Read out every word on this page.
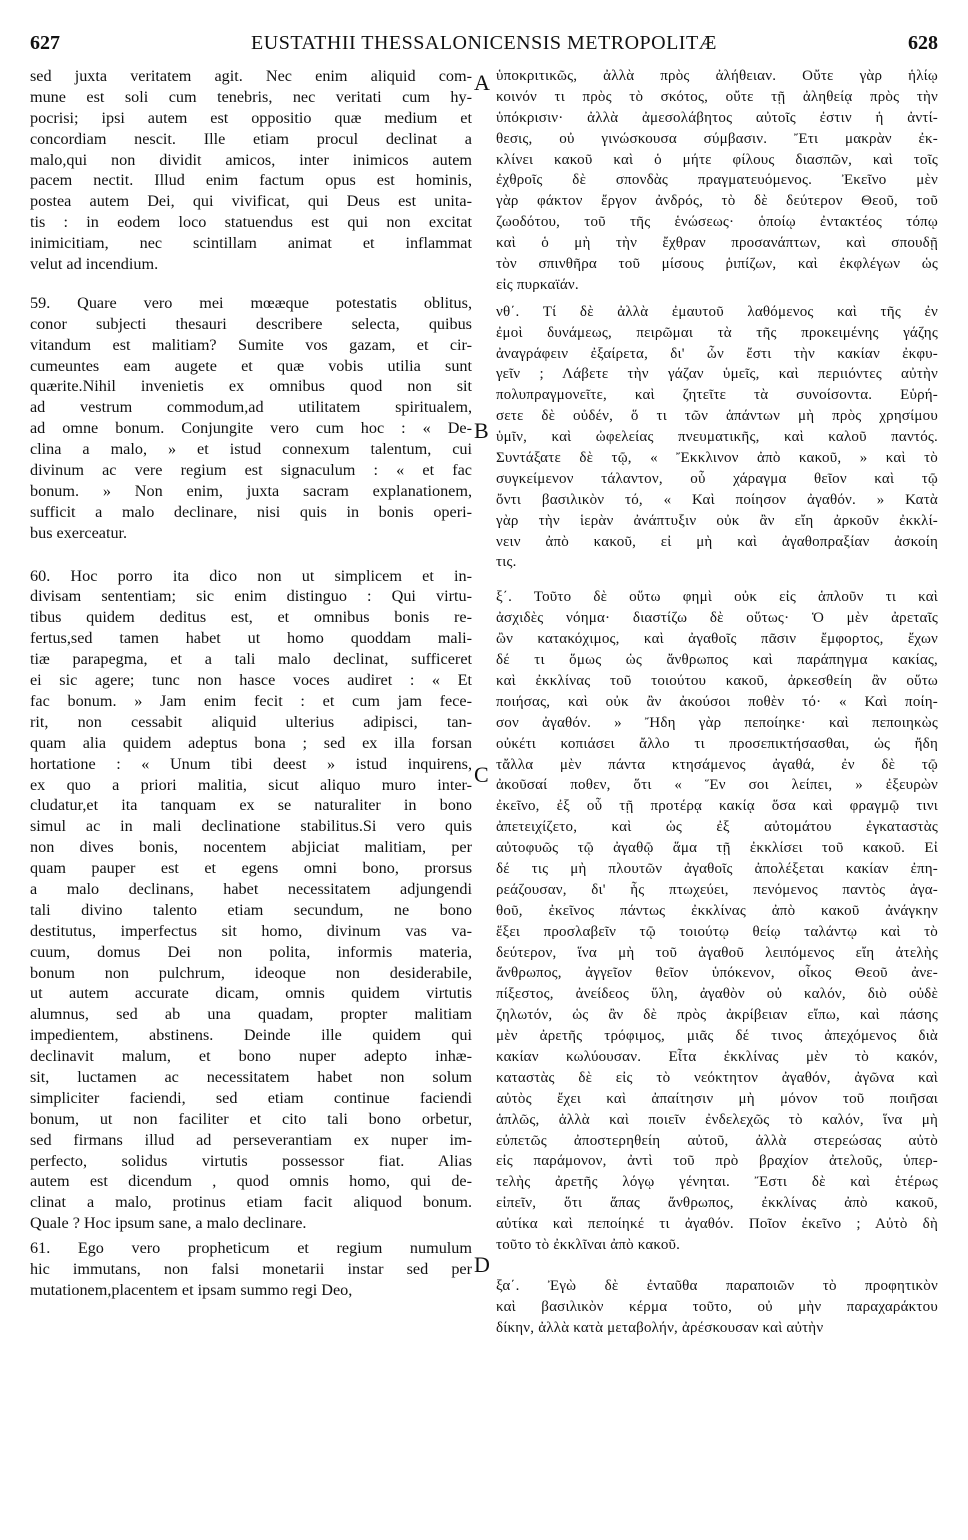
627	EUSTATHII THESSALONICENSIS METROPOLITÆ	628
sed juxta veritatem agit. Nec enim aliquid com-
mune est soli cum tenebris, nec veritati cum hy-
pocrisi; ipsi autem est oppositio quæ medium et
concordiam nescit. Ille etiam procul declinat a
malo,qui non dividit amicos, inter inimicos autem
pacem nectit. Illud enim factum opus est hominis,
postea autem Dei, qui vivificat, qui Deus est unita-
tis : in eodem loco statuendus est qui non excitat
inimicitiam, nec scintillam animat et inflammat
velut ad incendium.
59. Quare vero mei mœæque potestatis oblitus,
conor subjecti thesauri describere selecta, quibus
vitandum est malitiam? Sumite vos gazam, et cir-
cumeuntes eam augete et quæ vobis utilia sunt
quærite.Nihil invenietis ex omnibus quod non sit
ad vestrum commodum,ad utilitatem spiritualem,
ad omne bonum. Conjungite vero cum hoc : « De-
clina a malo, » et istud connexum talentum, cui
divinum ac vere regium est signaculum : « et fac
bonum. » Non enim, juxta sacram explanationem,
sufficit a malo declinare, nisi quis in bonis operi-
bus exerceatur.
60. Hoc porro ita dico non ut simplicem et in-
divisam sententiam; sic enim distinguo : Qui virtu-
tibus quidem deditus est, et omnibus bonis re-
fertus,sed tamen habet ut homo quoddam mali-
tiæ parapegma, et a tali malo declinat, sufficeret
ei sic agere; tunc non hasce voces audiret : « Et
fac bonum. » Jam enim fecit : et cum jam fece-
rit, non cessabit aliquid ulterius adipisci, tan-
quam alia quidem adeptus bona ; sed ex illa forsan
hortatione : « Unum tibi deest » istud inquirens,
ex quo a priori malitia, sicut aliquo muro inter-
cludatur,et ita tanquam ex se naturaliter in bono
simul ac in mali declinatione stabilitus.Si vero quis
non dives bonis, nocentem abjiciat malitiam, per
quam pauper est et egens omni bono, prorsus
a malo declinans, habet necessitatem adjungendi
tali divino talento etiam secundum, ne bono
destitutus, imperfectus sit homo, divinum vas va-
cuum, domus Dei non polita, informis materia,
bonum non pulchrum, ideoque non desiderabile,
ut autem accurate dicam, omnis quidem virtutis
alumnus, sed ab una quadam, propter malitiam
impedientem, abstinens. Deinde ille quidem qui
declinavit malum, et bono nuper adepto inhæ-
sit, luctamen ac necessitatem habet non solum
simpliciter faciendi, sed etiam continue faciendi
bonum, ut non faciliter et cito tali bono orbetur,
sed firmans illud ad perseverantiam ex nuper im-
perfecto, solidus virtutis possessor fiat. Alias
autem est dicendum , quod omnis homo, qui de-
clinat a malo, protinus etiam facit aliquod bonum.
Quale ? Hoc ipsum sane, a malo declinare.
61. Ego vero propheticum et regium numulum
hic immutans, non falsi monetarii instar sed per
mutationem,placentem et ipsam summo regi Deo,
ὑποκριτικῶς, ἀλλὰ πρὸς ἀλήθειαν. Οὔτε γὰρ ἡλίῳ
κοινόν τι πρὸς τὸ σκότος, οὔτε τῇ ἀληθείᾳ πρὸς τὴν
ὑπόκρισιν· ἀλλὰ ἀμεσολάβητος αὐτοῖς ἐστιν ἡ ἀντί-
θεσις, οὐ γινώσκουσα σύμβασιν. Ἔτι μακρὰν ἐκ-
κλίνει κακοῦ καὶ ὁ μήτε φίλους διασπῶν, καὶ τοῖς
ἐχθροῖς δὲ σπονδὰς πραγματευόμενος. Ἐκεῖνο μὲν
γὰρ φάκτον ἔργον ἀνδρός, τὸ δὲ δεύτερον Θεοῦ, τοῦ
ζωοδότου, τοῦ τῆς ἑνώσεως· ὁποίῳ ἐντακτέος τόπῳ
καὶ ὁ μὴ τὴν ἔχθραν προσανάπτων, καὶ σπουδῇ
τὸν σπινθῆρα τοῦ μίσους ῥιπίζων, καὶ ἐκφλέγων ὡς
εἰς πυρκαϊάν.
νθ΄. Τί δὲ ἀλλὰ ἐμαυτοῦ λαθόμενος καὶ τῆς ἐν
ἐμοὶ δυνάμεως, πειρῶμαι τὰ τῆς προκειμένης γάζης
ἀναγράφειν ἐξαίρετα, δι' ὧν ἔστι τὴν κακίαν ἐκφυ-
γεῖν ; Λάβετε τὴν γάζαν ὑμεῖς, καὶ περιιόντες αὐτὴν
πολυπραγμονεῖτε, καὶ ζητεῖτε τὰ συνοίσοντα. Εὑρή-
σετε δὲ οὐδέν, ὅ τι τῶν ἁπάντων μὴ πρὸς χρησίμου
ὑμῖν, καὶ ὠφελείας πνευματικῆς, καὶ καλοῦ παντός.
Συντάξατε δὲ τῷ, « Ἔκκλινον ἀπὸ κακοῦ, » καὶ τὸ
συγκείμενον τάλαντον, οὗ χάραγμα θεῖον καὶ τῷ
ὄντι βασιλικὸν τό, « Καὶ ποίησον ἀγαθόν. » Κατὰ
γὰρ τὴν ἱερὰν ἀνάπτυξιν οὐκ ἂν εἴη ἀρκοῦν ἐκκλί-
νειν ἀπὸ κακοῦ, εἰ μὴ καὶ ἀγαθοπραξίαν ἀσκοίη
τις.
ξ΄. Τοῦτο δὲ οὕτω φημὶ οὐκ εἰς ἁπλοῦν τι καὶ
ἀσχιδὲς νόημα· διαστίζω δὲ οὕτως· Ὁ μὲν ἀρεταῖς
ὢν κατακόχιμος, καὶ ἀγαθοῖς πᾶσιν ἔμφορτος, ἔχων
δέ τι ὅμως ὡς ἄνθρωπος καὶ παράπηγμα κακίας,
καὶ ἐκκλίνας τοῦ τοιούτου κακοῦ, ἀρκεσθείη ἂν οὕτω
ποιήσας, καὶ οὐκ ἂν ἀκούσοι ποθὲν τό· « Καὶ ποίη-
σον ἀγαθόν. » Ἤδη γὰρ πεποίηκε· καὶ πεποιηκὼς
οὐκέτι κοπιάσει ἄλλο τι προσεπικτήσασθαι, ὡς ἤδη
τἄλλα μὲν πάντα κτησάμενος ἀγαθά, ἐν δὲ τῷ
ἀκοῦσαί ποθεν, ὅτι « Ἕν σοι λείπει, » ἐξευρὼν
ἐκεῖνο, ἐξ οὗ τῇ προτέρᾳ κακίᾳ ὅσα καὶ φραγμῷ τινι
ἀπετειχίζετο, καὶ ὡς ἐξ αὐτομάτου ἐγκαταστὰς
αὐτοφυῶς τῷ ἀγαθῷ ἅμα τῇ ἐκκλίσει τοῦ κακοῦ. Εἰ
δέ τις μὴ πλουτῶν ἀγαθοῖς ἀπολέξεται κακίαν ἐπη-
ρεάζουσαν, δι' ἧς πτωχεύει, πενόμενος παντὸς ἀγα-
θοῦ, ἐκεῖνος πάντως ἐκκλίνας ἀπὸ κακοῦ ἀνάγκην
ἕξει προσλαβεῖν τῷ τοιούτῳ θείῳ ταλάντῳ καὶ τὸ
δεύτερον, ἵνα μὴ τοῦ ἀγαθοῦ λειπόμενος εἴη ἀτελὴς
ἄνθρωπος, ἀγγεῖον θεῖον ὑπόκενον, οἶκος Θεοῦ ἀνε-
πίξεστος, ἀνείδεος ὕλη, ἀγαθὸν οὐ καλόν, διὸ οὐδὲ
ζηλωτόν, ὡς ἂν δὲ πρὸς ἀκρίβειαν εἴπω, καὶ πάσης
μὲν ἀρετῆς τρόφιμος, μιᾶς δέ τινος ἀπεχόμενος διὰ
κακίαν κωλύουσαν. Εἶτα ἐκκλίνας μὲν τὸ κακόν,
καταστὰς δὲ εἰς τὸ νεόκτητον ἀγαθόν, ἀγῶνα καὶ
αὐτὸς ἔχει καὶ ἀπαίτησιν μὴ μόνον τοῦ ποιῆσαι
ἁπλῶς, ἀλλὰ καὶ ποιεῖν ἐνδελεχῶς τὸ καλόν, ἵνα μὴ
εὐπετῶς ἀποστερηθείη αὐτοῦ, ἀλλὰ στερεώσας αὐτὸ
εἰς παράμονον, ἀντὶ τοῦ πρὸ βραχίον ἀτελοῦς, ὑπερ-
τελὴς ἀρετῆς λόγῳ γένηται. Ἔστι δὲ καὶ ἑτέρως
εἰπεῖν, ὅτι ἅπας ἄνθρωπος, ἐκκλίνας ἀπὸ κακοῦ,
αὐτίκα καὶ πεποίηκέ τι ἀγαθόν. Ποῖον ἐκεῖνο ; Αὐτὸ δὴ
τοῦτο τὸ ἐκκλῖναι ἀπὸ κακοῦ.
ξα΄. Ἐγὼ δὲ ἐνταῦθα παραποιῶν τὸ προφητικὸν
καὶ βασιλικὸν κέρμα τοῦτο, οὐ μὴν παραχαράκτου
δίκην, ἀλλὰ κατὰ μεταβολήν, ἀρέσκουσαν καὶ αὐτὴν
A
B
C
D
